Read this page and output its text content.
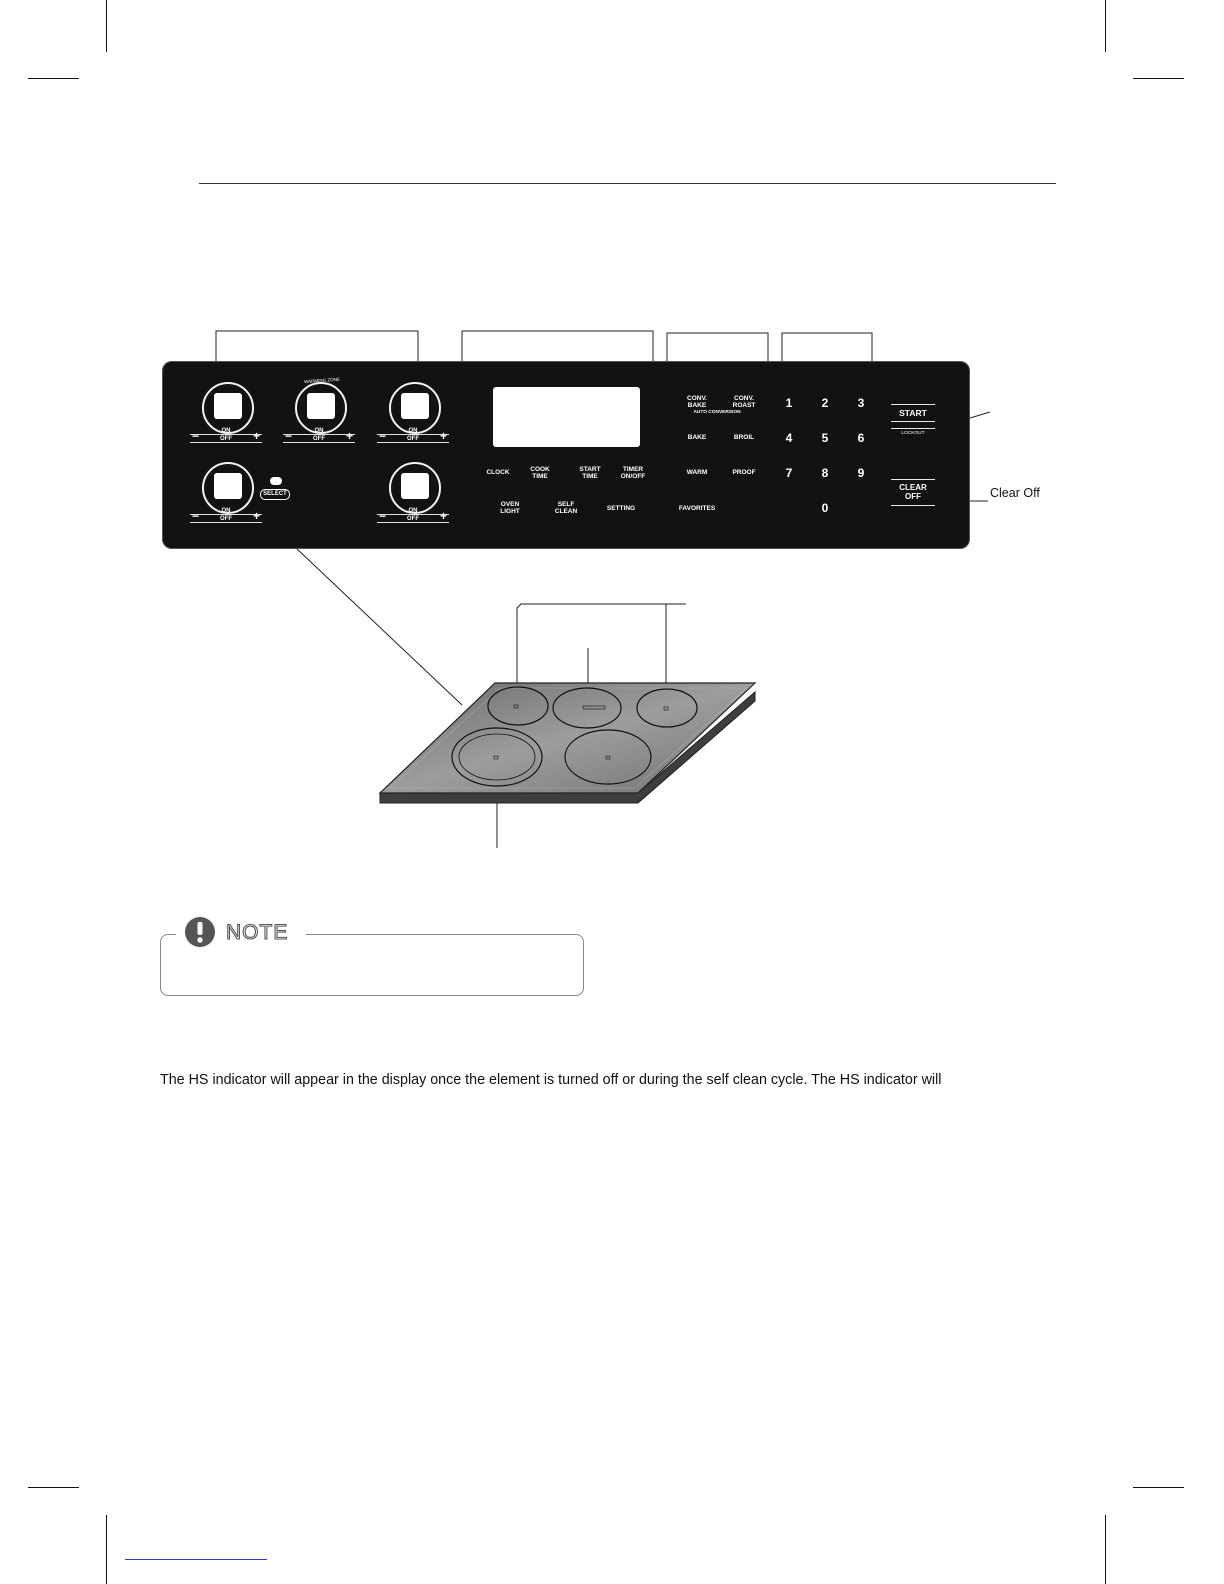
WARMING ZONE
−	+
ON
OFF	−	+
ON
OFF	−	+
ON
OFF
−	+
ON
OFF	−	+
ON
OFF
SELECT
CLOCK	COOK
TIME
START
TIME
TIMER
ON/OFF
OVEN
LIGHT
SELF
CLEAN	SETTING
CONV.
BAKE
CONV.
ROAST
AUTO CONVERSION
BAKE	BROIL
WARM	PROOF
FAVORITES
1	2	3
4	5	6
7	8	9
0
START
LOCKOUT
CLEAR
OFF	Clear Off
NOTE
The HS indicator will appear in the display once the element is turned off or during the self clean cycle. The HS indicator will
